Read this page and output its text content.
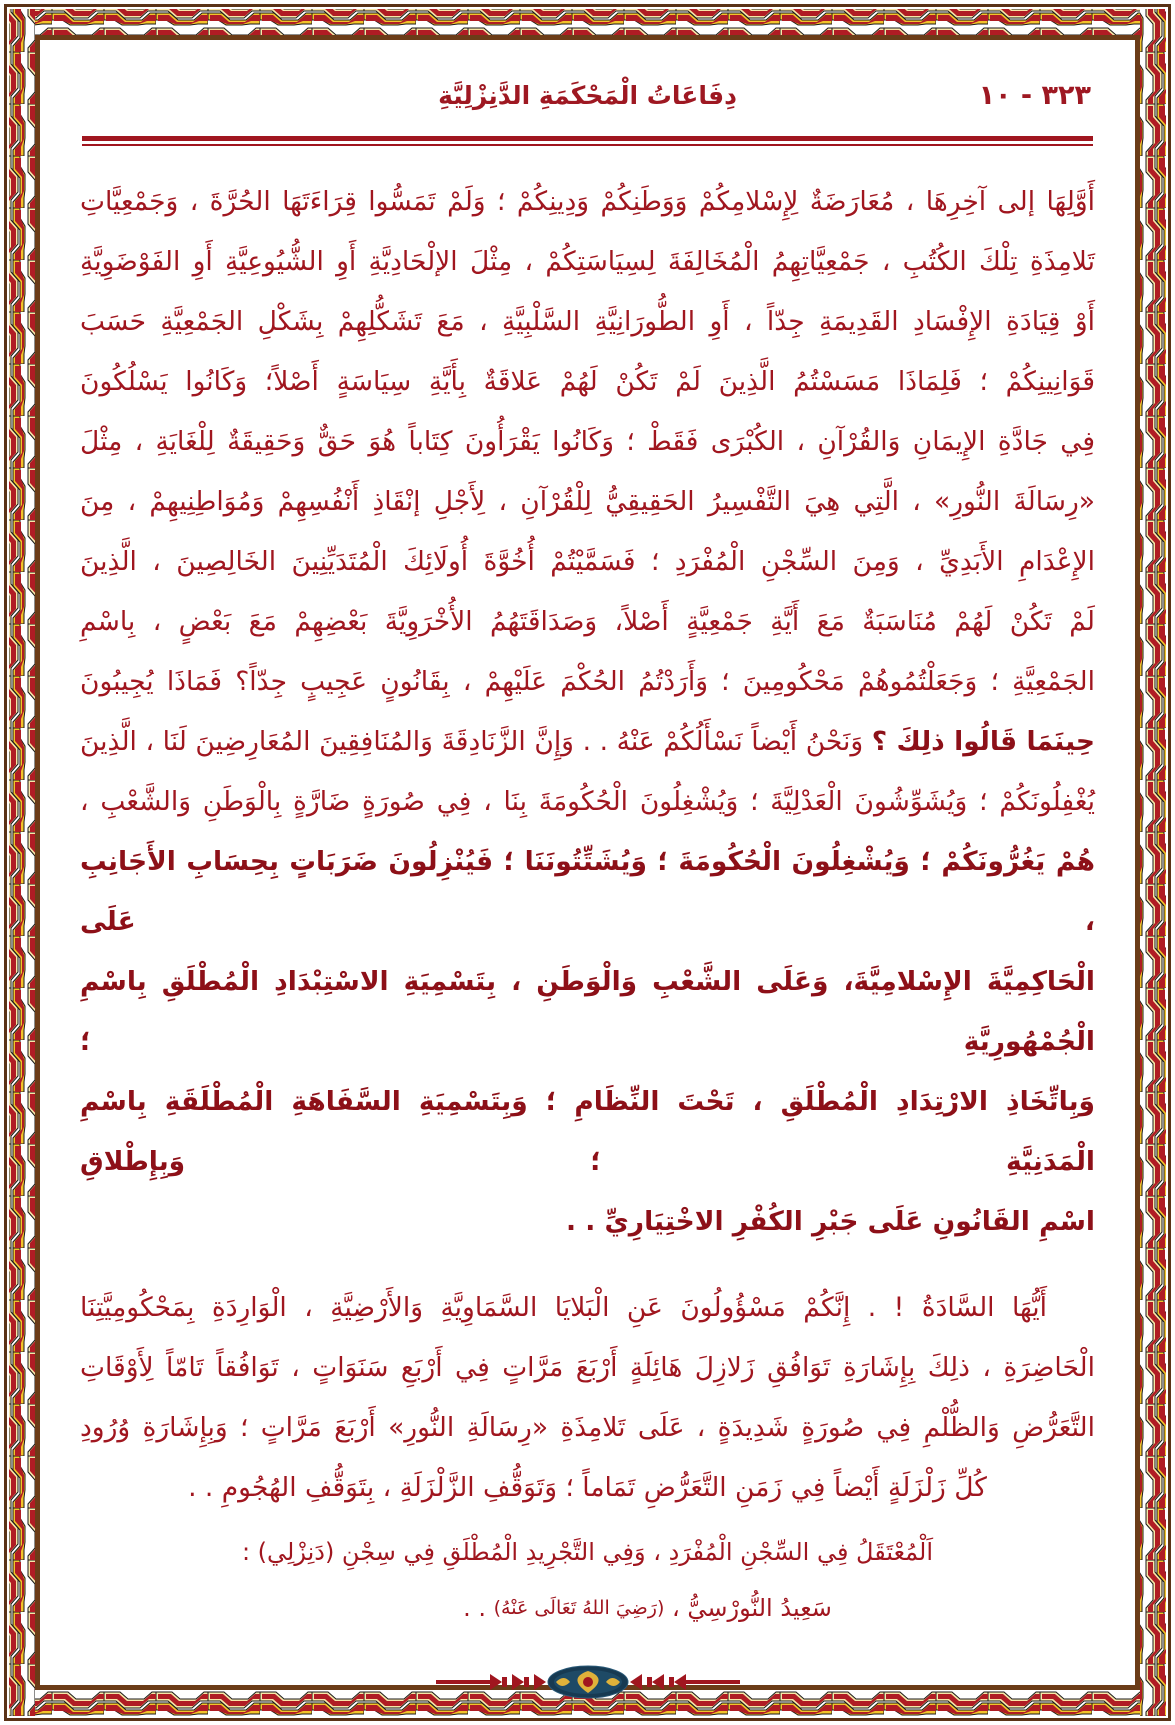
دِفَاعَاتُ الْمَحْكَمَةِ الدَّنِزْلِيَّةِ	٣٢٣ - ١٠

أَوَّلِهَا إلى آخِرِهَا ، مُعَارَضَةٌ لِإِسْلامِكُمْ وَوَطَنِكُمْ وَدِينِكُمْ ؛ وَلَمْ تَمَسُّوا قِرَاءَتَهَا الحُرَّةَ ، وَجَمْعِيَّاتِ

تَلامِذَةِ تِلْكَ الكُتُبِ ، جَمْعِيَّاتِهِمُ الْمُخَالِفَةَ لِسِيَاسَتِكُمْ ، مِثْلَ الإلْحَادِيَّةِ أَوِ الشُّيُوعِيَّةِ أَوِ الفَوْضَوِيَّةِ

أَوْ قِيَادَةِ الإِفْسَادِ القَدِيمَةِ جِدّاً ، أَوِ الطُّورَانِيَّةِ السَّلْبِيَّةِ ، مَعَ تَشَكُّلِهِمْ بِشَكْلِ الجَمْعِيَّةِ حَسَبَ

قَوَانِينِكُمْ ؛ فَلِمَاذَا مَسَسْتُمُ الَّذِينَ لَمْ تَكُنْ لَهُمْ عَلاقَةٌ بِأَيَّةِ سِيَاسَةٍ أَصْلاً؛ وَكَانُوا يَسْلُكُونَ

فِي جَادَّةِ الإِيمَانِ وَالقُرْآنِ ، الكُبْرَى فَقَطْ ؛ وَكَانُوا يَقْرَأُونَ كِتَاباً هُوَ حَقٌّ وَحَقِيقَةٌ لِلْغَايَةِ ، مِثْلَ

«رِسَالَةَ النُّورِ» ، الَّتِي هِيَ التَّفْسِيرُ الحَقِيقِيُّ لِلْقُرْآنِ ، لِأَجْلِ إنْقَاذِ أَنْفُسِهِمْ وَمُوَاطِنِيهِمْ ، مِنَ

الإِعْدَامِ الأَبَدِيِّ ، وَمِنَ السِّجْنِ الْمُفْرَدِ ؛ فَسَمَّيْتُمْ أُخُوَّةَ أُولَائِكَ الْمُتَدَيِّنِينَ الخَالِصِينَ ، الَّذِينَ

لَمْ تَكُنْ لَهُمْ مُنَاسَبَةٌ مَعَ أَيَّةِ جَمْعِيَّةٍ أَصْلاً، وَصَدَاقَتَهُمُ الأُخْرَوِيَّةَ بَعْضِهِمْ مَعَ بَعْضٍ ، بِاسْمِ

الجَمْعِيَّةِ ؛ وَجَعَلْتُمُوهُمْ مَحْكُومِينَ ؛ وَأَرَدْتُمُ الحُكْمَ عَلَيْهِمْ ، بِقَانُونٍ عَجِيبٍ جِدّاً؟ فَمَاذَا يُجِيبُونَ

حِينَمَا قَالُوا ذلِكَ ؟ وَنَحْنُ أَيْضاً نَسْأَلُكُمْ عَنْهُ . . وَإِنَّ الزَّنَادِقَةَ وَالمُنَافِقِينَ المُعَارِضِينَ لَنَا ، الَّذِينَ

يُغْفِلُونَكُمْ ؛ وَيُشَوِّشُونَ الْعَدْلِيَّةَ ؛ وَيُشْغِلُونَ الْحُكُومَةَ بِنَا ، فِي صُورَةٍ ضَارَّةٍ بِالْوَطَنِ وَالشَّعْبِ ،

هُمْ يَغُرُّونَكُمْ ؛ وَيُشْغِلُونَ الْحُكُومَةَ ؛ وَيُشَتِّتُونَنَا ؛ فَيُنْزِلُونَ ضَرَبَاتٍ بِحِسَابِ الأَجَانِبِ ، عَلَى

الْحَاكِمِيَّةَ الإِسْلامِيَّةَ، وَعَلَى الشَّعْبِ وَالْوَطَنِ ، بِتَسْمِيَةِ الاسْتِبْدَادِ الْمُطْلَقِ بِاسْمِ الْجُمْهُورِيَّةِ ؛

وَبِاتِّخَاذِ الارْتِدَادِ الْمُطْلَقِ ، تَحْتَ النِّظَامِ ؛ وَبِتَسْمِيَةِ السَّفَاهَةِ الْمُطْلَقَةِ بِاسْمِ الْمَدَنِيَّةِ ؛ وَبِإِطْلاقِ

اسْمِ القَانُونِ عَلَى جَبْرِ الكُفْرِ الاخْتِيَارِيِّ . .

أَيُّهَا السَّادَةُ ! . إِنَّكُمْ مَسْؤُولُونَ عَنِ الْبَلايَا السَّمَاوِيَّةِ وَالأَرْضِيَّةِ ، الْوَارِدَةِ بِمَحْكُومِيَّتِنَا

الْحَاضِرَةِ ، ذلِكَ بِإِشَارَةِ تَوَافُقِ زَلازِلَ هَائِلَةٍ أَرْبَعَ مَرَّاتٍ فِي أَرْبَعِ سَنَوَاتٍ ، تَوَافُقاً تَامّاً لِأَوْقَاتِ

التَّعَرُّضِ وَالظُّلْمِ فِي صُورَةٍ شَدِيدَةٍ ، عَلَى تَلامِذَةِ «رِسَالَةِ النُّورِ» أَرْبَعَ مَرَّاتٍ ؛ وَبِإِشَارَةِ وُرُودِ

كُلِّ زَلْزَلَةٍ أَيْضاً فِي زَمَنِ التَّعَرُّضِ تَمَاماً ؛ وَتَوَقُّفِ الزَّلْزَلَةِ ، بِتَوَقُّفِ الهُجُومِ . .

اَلْمُعْتَقَلُ فِي السِّجْنِ الْمُفْرَدِ ، وَفِي التَّجْرِيدِ الْمُطْلَقِ فِي سِجْنِ (دَنِزْلِي) :
سَعِيدُ النُّورْسِيُّ ، (رَضِيَ اللهُ تَعَالَى عَنْهُ) . .
